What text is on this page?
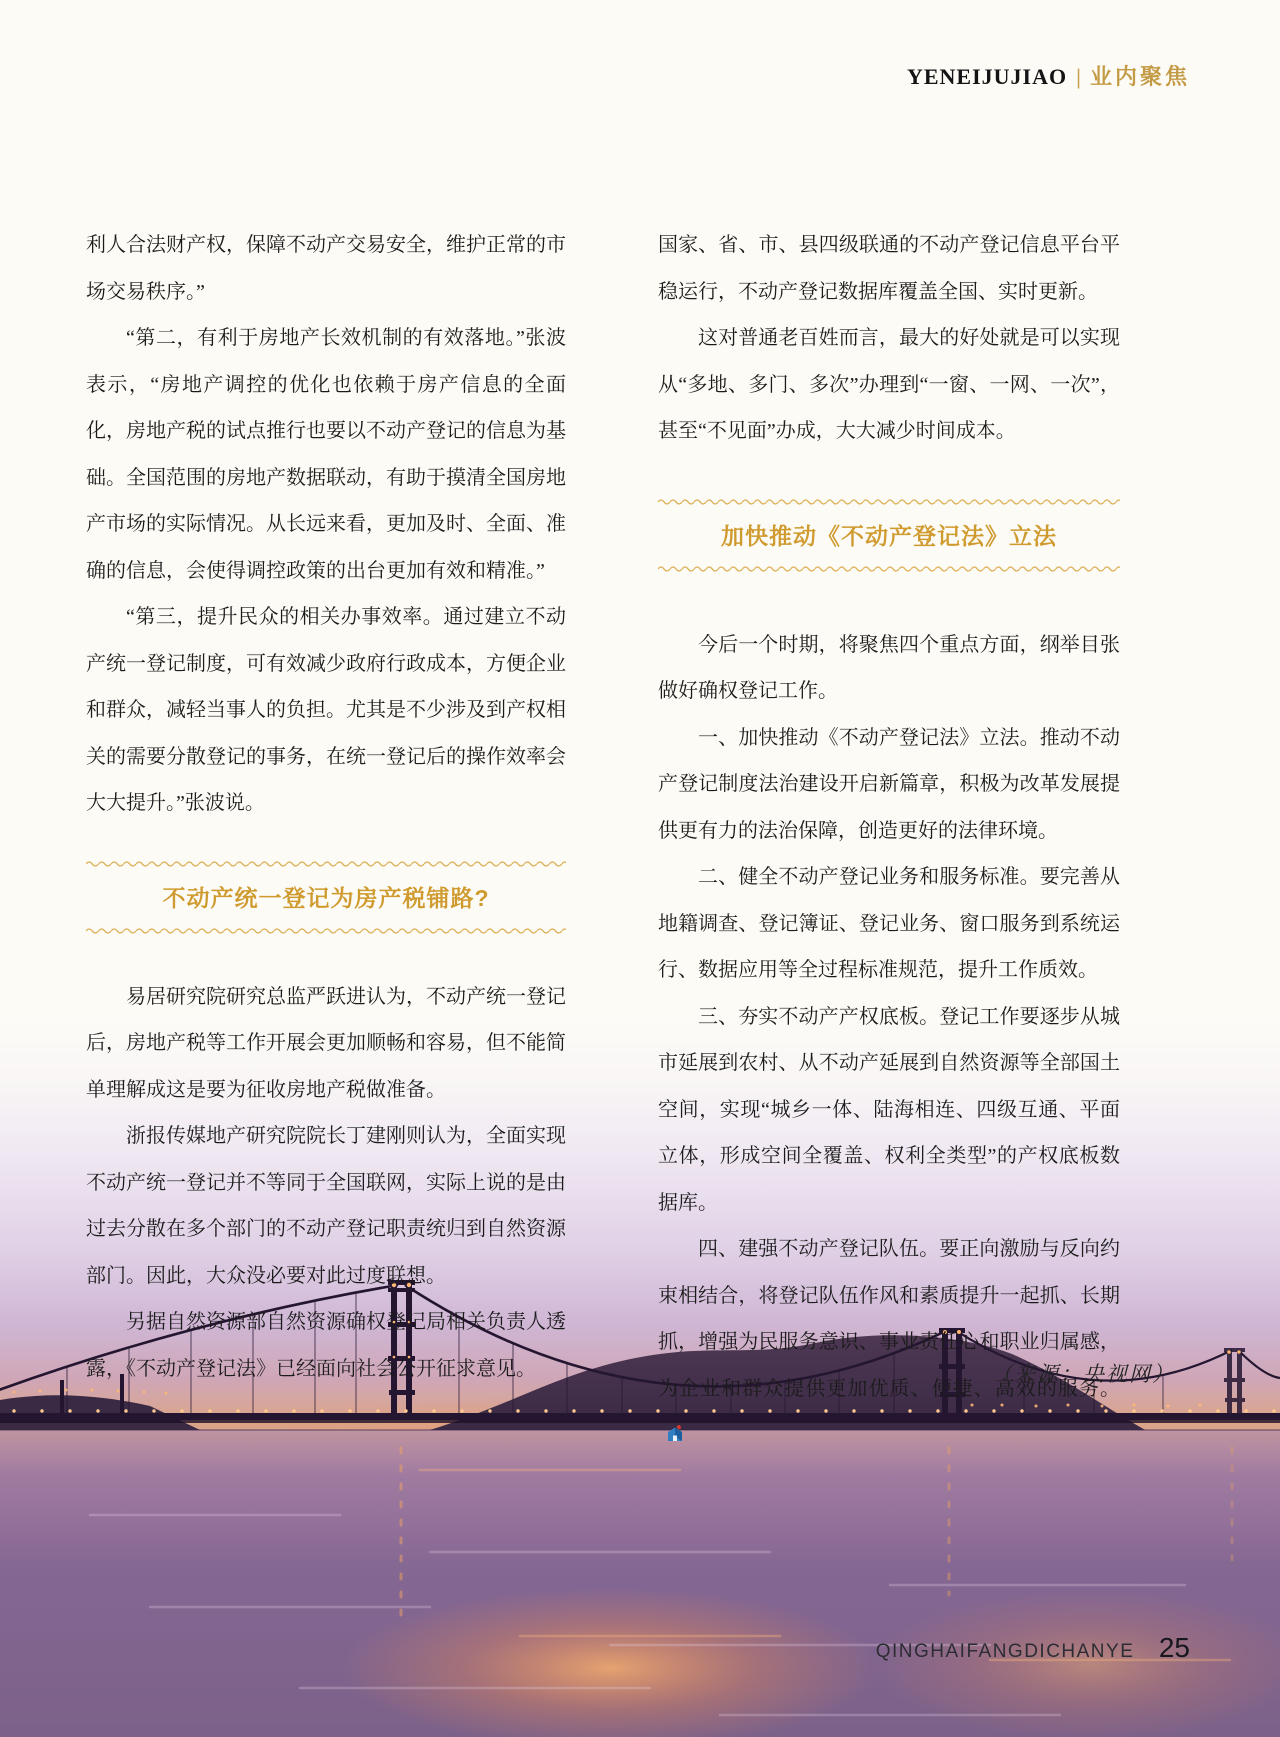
YENEIJUJIAO | 业内聚焦

利人合法财产权，保障不动产交易安全，维护正常的市场交易秩序。”

“第二，有利于房地产长效机制的有效落地。”张波表示，“房地产调控的优化也依赖于房产信息的全面化，房地产税的试点推行也要以不动产登记的信息为基础。全国范围的房地产数据联动，有助于摸清全国房地产市场的实际情况。从长远来看，更加及时、全面、准确的信息，会使得调控政策的出台更加有效和精准。”

“第三，提升民众的相关办事效率。通过建立不动产统一登记制度，可有效减少政府行政成本，方便企业和群众，减轻当事人的负担。尤其是不少涉及到产权相关的需要分散登记的事务，在统一登记后的操作效率会大大提升。”张波说。

不动产统一登记为房产税铺路?

易居研究院研究总监严跃进认为，不动产统一登记后，房地产税等工作开展会更加顺畅和容易，但不能简单理解成这是要为征收房地产税做准备。

浙报传媒地产研究院院长丁建刚则认为，全面实现不动产统一登记并不等同于全国联网，实际上说的是由过去分散在多个部门的不动产登记职责统归到自然资源部门。因此，大众没必要对此过度联想。

另据自然资源部自然资源确权登记局相关负责人透露，《不动产登记法》已经面向社会公开征求意见。

国家、省、市、县四级联通的不动产登记信息平台平稳运行，不动产登记数据库覆盖全国、实时更新。

这对普通老百姓而言，最大的好处就是可以实现从“多地、多门、多次”办理到“一窗、一网、一次”，甚至“不见面”办成，大大减少时间成本。

加快推动《不动产登记法》立法

今后一个时期，将聚焦四个重点方面，纲举目张做好确权登记工作。

一、加快推动《不动产登记法》立法。推动不动产登记制度法治建设开启新篇章，积极为改革发展提供更有力的法治保障，创造更好的法律环境。

二、健全不动产登记业务和服务标准。要完善从地籍调查、登记簿证、登记业务、窗口服务到系统运行、数据应用等全过程标准规范，提升工作质效。

三、夯实不动产产权底板。登记工作要逐步从城市延展到农村、从不动产延展到自然资源等全部国土空间，实现“城乡一体、陆海相连、四级互通、平面立体，形成空间全覆盖、权利全类型”的产权底板数据库。

四、建强不动产登记队伍。要正向激励与反向约束相结合，将登记队伍作风和素质提升一起抓、长期抓，增强为民服务意识、事业责任心和职业归属感，为企业和群众提供更加优质、便捷、高效的服务。

（来源：央视网）
QINGHAIFANGDICHANYE 25
